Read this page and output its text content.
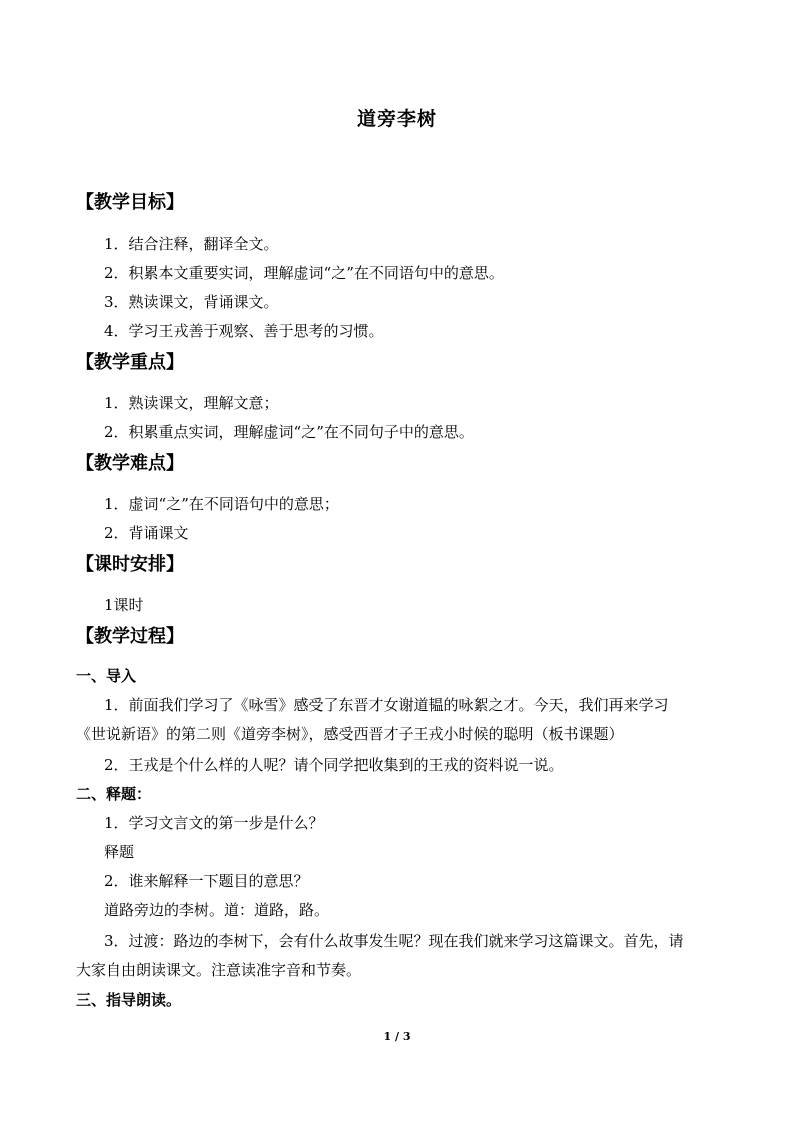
道旁李树
【教学目标】
1．结合注释，翻译全文。
2．积累本文重要实词，理解虚词“之”在不同语句中的意思。
3．熟读课文，背诵课文。
4．学习王戎善于观察、善于思考的习惯。
【教学重点】
1．熟读课文，理解文意；
2．积累重点实词，理解虚词“之”在不同句子中的意思。
【教学难点】
1．虚词“之”在不同语句中的意思；
2．背诵课文
【课时安排】
1课时
【教学过程】
一、导入
1．前面我们学习了《咏雪》感受了东晋才女谢道韫的咏絮之才。今天，我们再来学习
《世说新语》的第二则《道旁李树》，感受西晋才子王戎小时候的聪明（板书课题）
2．王戎是个什么样的人呢？请个同学把收集到的王戎的资料说一说。
二、释题：
1．学习文言文的第一步是什么？
释题
2．谁来解释一下题目的意思？
道路旁边的李树。道：道路，路。
3．过渡：路边的李树下，会有什么故事发生呢？现在我们就来学习这篇课文。首先，请
大家自由朗读课文。注意读准字音和节奏。
三、指导朗读。
1 / 3
